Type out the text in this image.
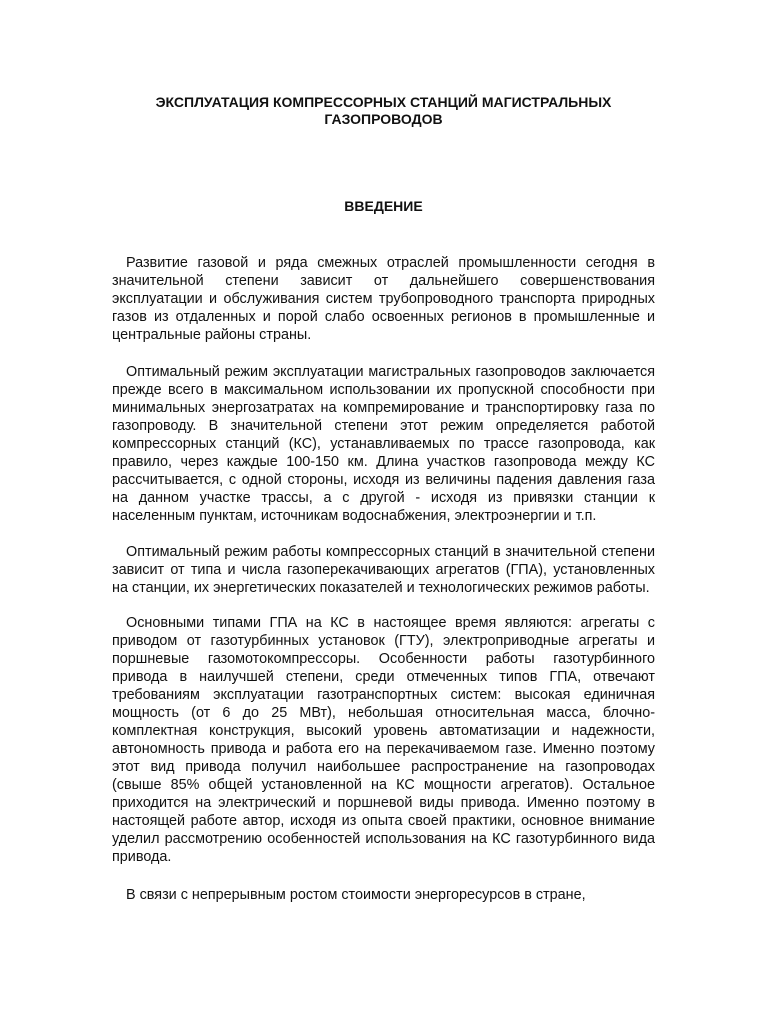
ЭКСПЛУАТАЦИЯ КОМПРЕССОРНЫХ СТАНЦИЙ МАГИСТРАЛЬНЫХ ГАЗОПРОВОДОВ
ВВЕДЕНИЕ

Развитие газовой и ряда смежных отраслей промышленности сегодня в значительной степени зависит от дальнейшего совершенствования эксплуатации и обслуживания систем трубопроводного транспорта природных газов из отдаленных и порой слабо освоенных регионов в промышленные и центральные районы страны.

Оптимальный режим эксплуатации магистральных газопроводов заключается прежде всего в максимальном использовании их пропускной способности при минимальных энергозатратах на компремирование и транспортировку газа по газопроводу. В значительной степени этот режим определяется работой компрессорных станций (КС), устанавливаемых по трассе газопровода, как правило, через каждые 100-150 км. Длина участков газопровода между КС рассчитывается, с одной стороны, исходя из величины падения давления газа на данном участке трассы, а с другой - исходя из привязки станции к населенным пунктам, источникам водоснабжения, электроэнергии и т.п.

Оптимальный режим работы компрессорных станций в значительной степени зависит от типа и числа газоперекачивающих агрегатов (ГПА), установленных на станции, их энергетических показателей и технологических режимов работы.

Основными типами ГПА на КС в настоящее время являются: агрегаты с приводом от газотурбинных установок (ГТУ), электроприводные агрегаты и поршневые газомотокомпрессоры. Особенности работы газотурбинного привода в наилучшей степени, среди отмеченных типов ГПА, отвечают требованиям эксплуатации газотранспортных систем: высокая единичная мощность (от 6 до 25 МВт), небольшая относительная масса, блочно-комплектная конструкция, высокий уровень автоматизации и надежности, автономность привода и работа его на перекачиваемом газе. Именно поэтому этот вид привода получил наибольшее распространение на газопроводах (свыше 85% общей установленной на КС мощности агрегатов). Остальное приходится на электрический и поршневой виды привода. Именно поэтому в настоящей работе автор, исходя из опыта своей практики, основное внимание уделил рассмотрению особенностей использования на КС газотурбинного вида привода.

В связи с непрерывным ростом стоимости энергоресурсов в стране,
